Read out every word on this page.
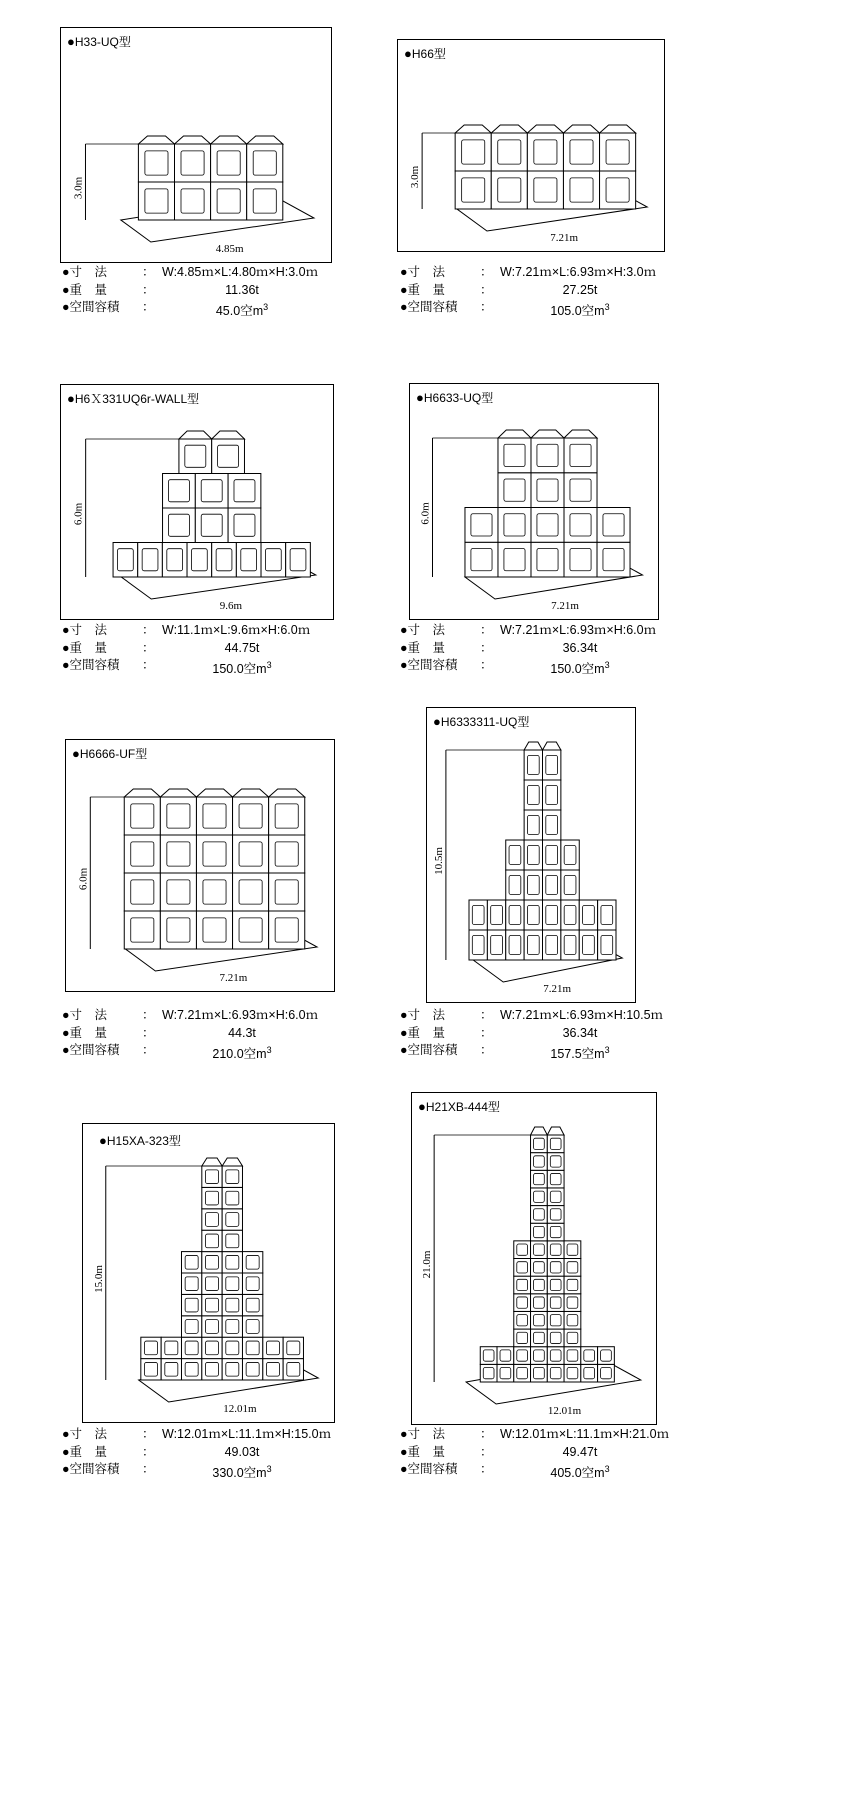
●H33-UQ型
3.0m
4.85m
●寸　法	： W:4.85ｍ×L:4.80ｍ×H:3.0ｍ
●重　量	：	11.36t
●空間容積 ：	45.0空$m^3$
●H66型
3.0m
7.21m
●寸　法	： W:7.21ｍ×L:6.93ｍ×H:3.0ｍ
●重　量	：	27.25t
●空間容積 ：	105.0空$m^3$
●H6Ｘ331UQ6r-WALL型
6.0m
9.6m
●寸　法	： W:11.1ｍ×L:9.6ｍ×H:6.0ｍ
●重　量	：	44.75t
●空間容積 ：	150.0空$m^3$
●H6633-UQ型
6.0m
7.21m
●寸　法	： W:7.21ｍ×L:6.93ｍ×H:6.0ｍ
●重　量	：	36.34t
●空間容積 ：	150.0空$m^3$
●H6666-UF型
6.0m
7.21m
●寸　法	： W:7.21ｍ×L:6.93ｍ×H:6.0ｍ
●重　量	：	44.3t
●空間容積 ：	210.0空$m^3$
●H6333311-UQ型
10.5m
7.21m
●寸　法	： W:7.21ｍ×L:6.93ｍ×H:10.5ｍ
●重　量	：	36.34t
●空間容積 ：	157.5空$m^3$
●H15XA-323型
15.0m
12.01m
●寸　法	： W:12.01ｍ×L:11.1ｍ×H:15.0ｍ
●重　量	：	49.03t
●空間容積 ：	330.0空$m^3$
●H21XB-444型
21.0m
12.01m
●寸　法	： W:12.01ｍ×L:11.1ｍ×H:21.0ｍ
●重　量	：	49.47t
●空間容積 ：	405.0空$m^3$
